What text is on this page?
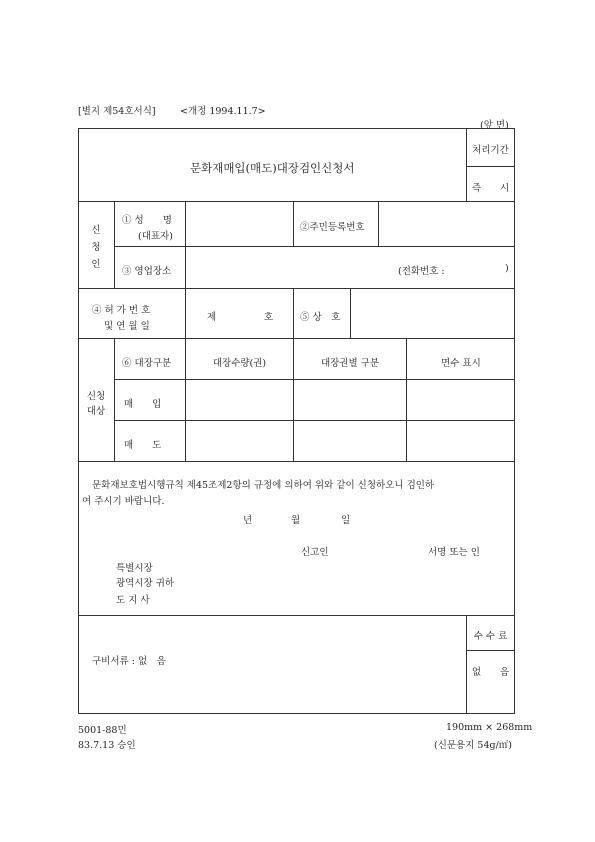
[별지 제54호서식]	<개정 1994.11.7>
(앞 면)
문화재매입(매도)대장검인신청서
처리기간
즉　　시
신
청
인
① 성　　명
(대표자)
②주민등록번호
③ 영업장소	(전화번호 :	)
④ 허 가 번 호
및 연 월 일
제	호	⑤ 상　호
신청
대상
⑥ 대장구분	대장수량(권)	대장권별 구분	면수 표시
매　　입
매　　도
문화재보호법시행규칙 제45조제2항의 규정에 의하여 위와 같이 신청하오니 검인하
여 주시기 바랍니다.
년	월	일
신고인	서명 또는 인
특별시장
광역시장 귀하
도 지 사
구비서류 : 없　음
수 수 료
없　　음
5001-88민
83.7.13 승인
190mm × 268mm
(신문용지 54g/㎡)
